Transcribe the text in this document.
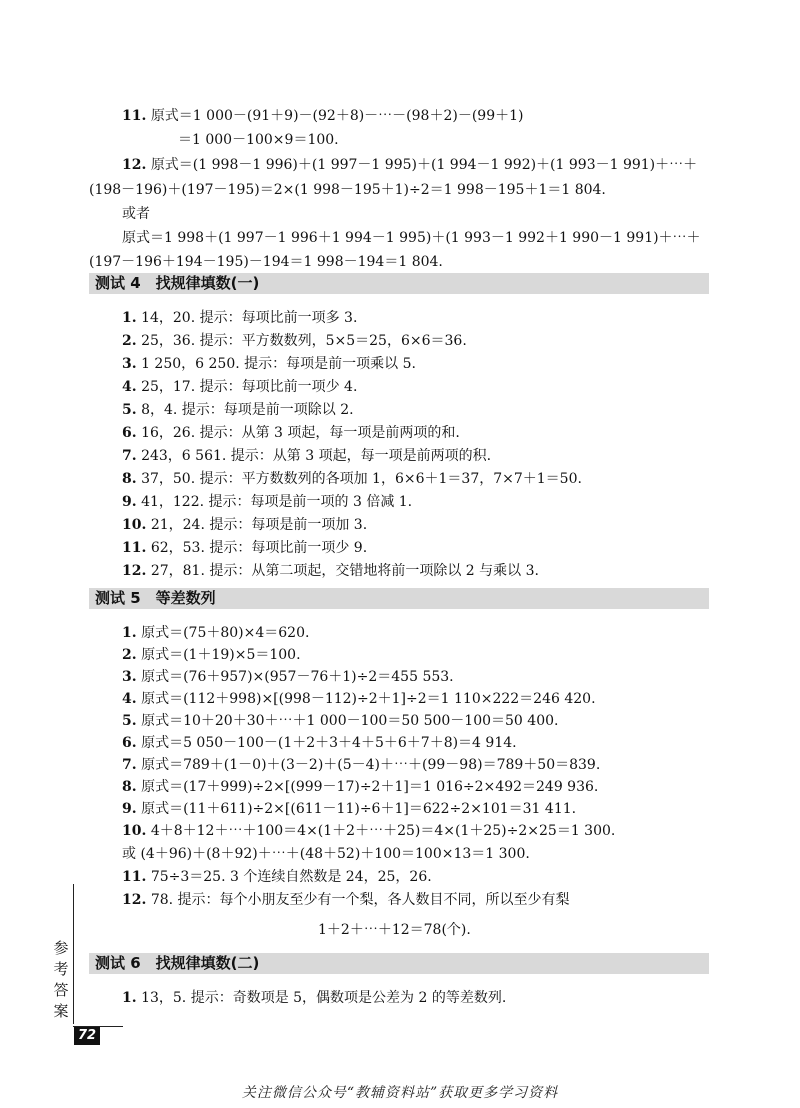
11. 原式＝1 000－(91＋9)－(92＋8)－⋯－(98＋2)－(99＋1)
＝1 000－100×9＝100.
12. 原式＝(1 998－1 996)＋(1 997－1 995)＋(1 994－1 992)＋(1 993－1 991)＋⋯＋
(198－196)＋(197－195)＝2×(1 998－195＋1)÷2＝1 998－195＋1＝1 804.
或者
原式＝1 998＋(1 997－1 996＋1 994－1 995)＋(1 993－1 992＋1 990－1 991)＋⋯＋
(197－196＋194－195)－194＝1 998－194＝1 804.
测试 4　找规律填数(一)
1. 14，20. 提示：每项比前一项多 3.
2. 25，36. 提示：平方数数列，5×5＝25，6×6＝36.
3. 1 250，6 250. 提示：每项是前一项乘以 5.
4. 25，17. 提示：每项比前一项少 4.
5. 8，4. 提示：每项是前一项除以 2.
6. 16，26. 提示：从第 3 项起，每一项是前两项的和.
7. 243，6 561. 提示：从第 3 项起，每一项是前两项的积.
8. 37，50. 提示：平方数数列的各项加 1，6×6＋1＝37，7×7＋1＝50.
9. 41，122. 提示：每项是前一项的 3 倍减 1.
10. 21，24. 提示：每项是前一项加 3.
11. 62，53. 提示：每项比前一项少 9.
12. 27，81. 提示：从第二项起，交错地将前一项除以 2 与乘以 3.
测试 5　等差数列
1. 原式＝(75＋80)×4＝620.
2. 原式＝(1＋19)×5＝100.
3. 原式＝(76＋957)×(957－76＋1)÷2＝455 553.
4. 原式＝(112＋998)×[(998－112)÷2＋1]÷2＝1 110×222＝246 420.
5. 原式＝10＋20＋30＋⋯＋1 000－100＝50 500－100＝50 400.
6. 原式＝5 050－100－(1＋2＋3＋4＋5＋6＋7＋8)＝4 914.
7. 原式＝789＋(1－0)＋(3－2)＋(5－4)＋⋯＋(99－98)＝789＋50＝839.
8. 原式＝(17＋999)÷2×[(999－17)÷2＋1]＝1 016÷2×492＝249 936.
9. 原式＝(11＋611)÷2×[(611－11)÷6＋1]＝622÷2×101＝31 411.
10. 4＋8＋12＋⋯＋100＝4×(1＋2＋⋯＋25)＝4×(1＋25)÷2×25＝1 300.
或 (4＋96)＋(8＋92)＋⋯＋(48＋52)＋100＝100×13＝1 300.
11. 75÷3＝25. 3 个连续自然数是 24，25，26.
12. 78. 提示：每个小朋友至少有一个梨，各人数目不同，所以至少有梨
1＋2＋⋯＋12＝78(个).
测试 6　找规律填数(二)
1. 13，5. 提示：奇数项是 5，偶数项是公差为 2 的等差数列.
参
考
答
案
72
关注微信公众号“教辅资料站”获取更多学习资料
